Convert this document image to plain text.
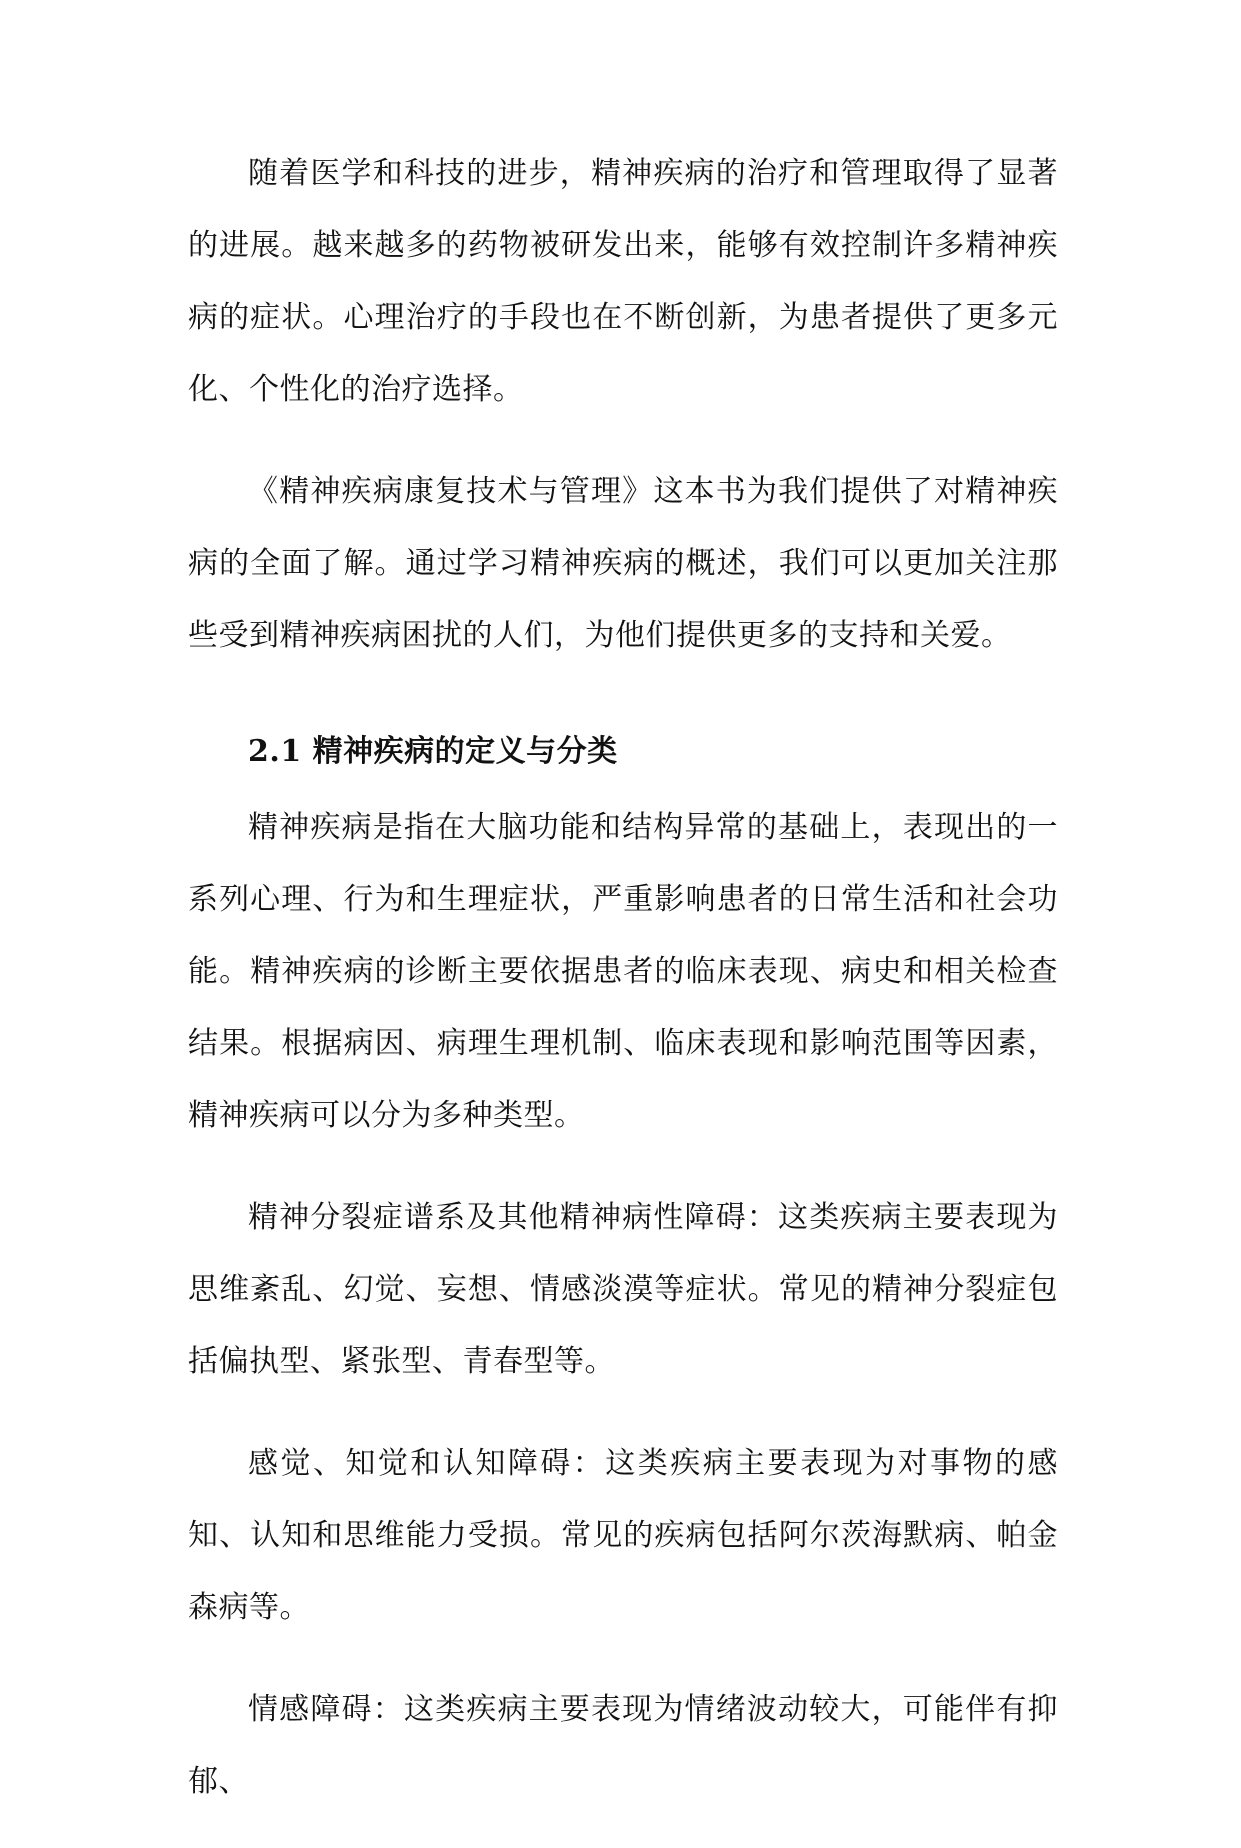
随着医学和科技的进步，精神疾病的治疗和管理取得了显著的进展。越来越多的药物被研发出来，能够有效控制许多精神疾病的症状。心理治疗的手段也在不断创新，为患者提供了更多元化、个性化的治疗选择。

《精神疾病康复技术与管理》这本书为我们提供了对精神疾病的全面了解。通过学习精神疾病的概述，我们可以更加关注那些受到精神疾病困扰的人们，为他们提供更多的支持和关爱。

2.1 精神疾病的定义与分类

精神疾病是指在大脑功能和结构异常的基础上，表现出的一系列心理、行为和生理症状，严重影响患者的日常生活和社会功能。精神疾病的诊断主要依据患者的临床表现、病史和相关检查结果。根据病因、病理生理机制、临床表现和影响范围等因素，精神疾病可以分为多种类型。

精神分裂症谱系及其他精神病性障碍：这类疾病主要表现为思维紊乱、幻觉、妄想、情感淡漠等症状。常见的精神分裂症包括偏执型、紧张型、青春型等。

感觉、知觉和认知障碍：这类疾病主要表现为对事物的感知、认知和思维能力受损。常见的疾病包括阿尔茨海默病、帕金森病等。

情感障碍：这类疾病主要表现为情绪波动较大，可能伴有抑郁、
